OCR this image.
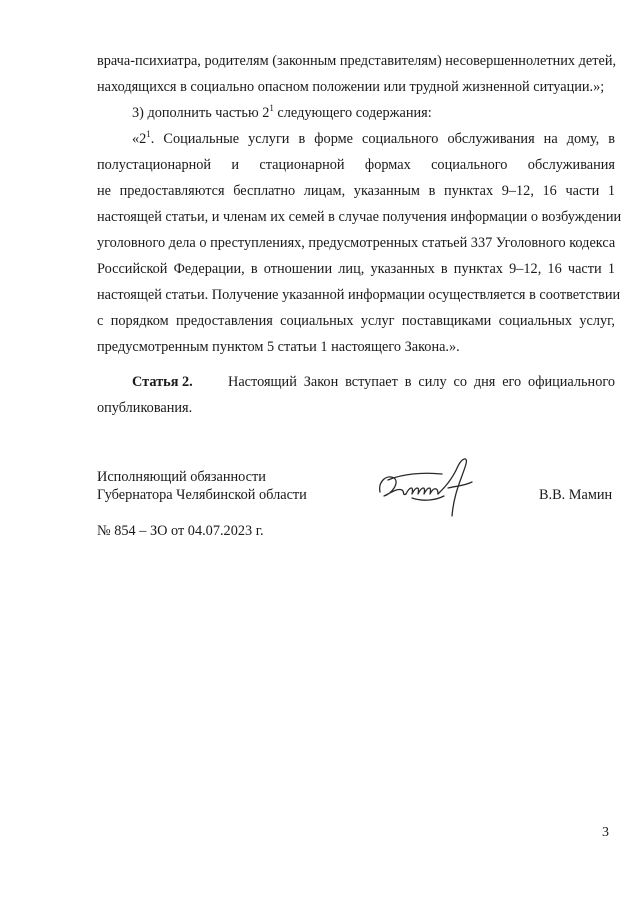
врача-психиатра, родителям (законным представителям) несовершеннолетних детей,
находящихся в социально опасном положении или трудной жизненной ситуации.»;
3) дополнить частью $2^1$ следующего содержания:
«$2^1$. Социальные услуги в форме социального обслуживания на дому, в
полустационарной и стационарной формах социального обслуживания
не предоставляются бесплатно лицам, указанным в пунктах 9–12, 16 части 1
настоящей статьи, и членам их семей в случае получения информации о возбуждении
уголовного дела о преступлениях, предусмотренных статьей 337 Уголовного кодекса
Российской Федерации, в отношении лиц, указанных в пунктах 9–12, 16 части 1
настоящей статьи. Получение указанной информации осуществляется в соответствии
с порядком предоставления социальных услуг поставщиками социальных услуг,
предусмотренным пунктом 5 статьи 1 настоящего Закона.».
Статья 2.	Настоящий Закон вступает в силу со дня его официального
опубликования.
Исполняющий обязанности
Губернатора Челябинской области	В.В. Мамин
№ 854 – ЗО от 04.07.2023 г.
3
